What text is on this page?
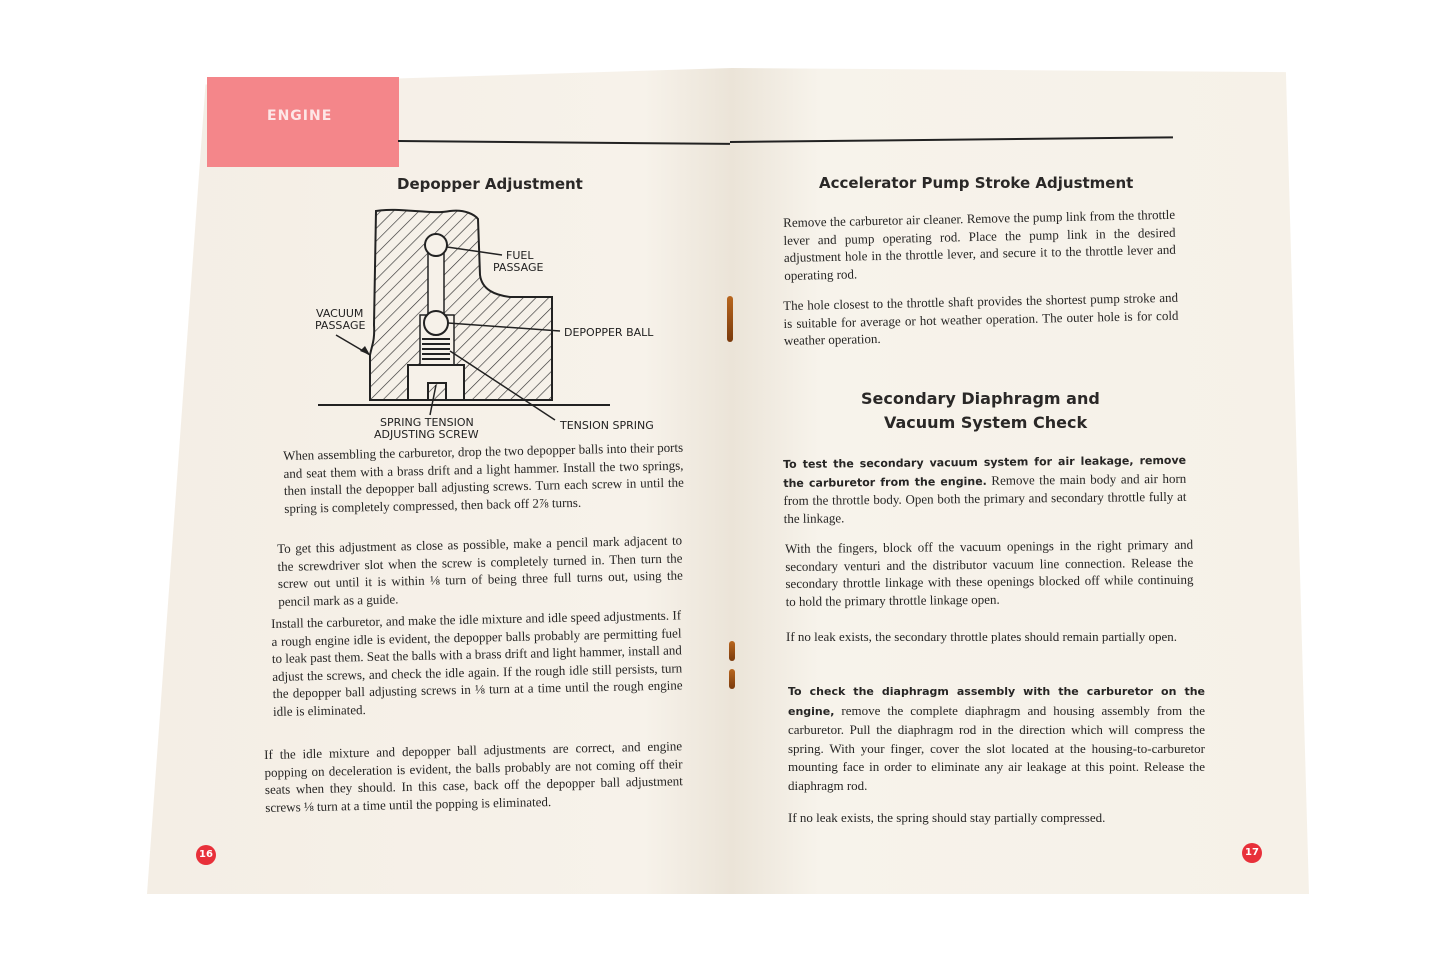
ENGINE
Depopper Adjustment
FUEL
PASSAGE
VACUUM
PASSAGE
DEPOPPER BALL
SPRING TENSION
ADJUSTING SCREW
TENSION SPRING

When assembling the carburetor, drop the two depopper balls into their ports and seat them with a brass drift and a light hammer. Install the two springs, then install the depopper ball adjusting screws. Turn each screw in until the spring is completely compressed, then back off 2⅞ turns.

To get this adjustment as close as possible, make a pencil mark adjacent to the screwdriver slot when the screw is completely turned in. Then turn the screw out until it is within ⅛ turn of being three full turns out, using the pencil mark as a guide.

Install the carburetor, and make the idle mixture and idle speed adjustments. If a rough engine idle is evident, the depopper balls probably are permitting fuel to leak past them. Seat the balls with a brass drift and light hammer, install and adjust the screws, and check the idle again. If the rough idle still persists, turn the depopper ball adjusting screws in ⅛ turn at a time until the rough engine idle is eliminated.

If the idle mixture and depopper ball adjustments are correct, and engine popping on deceleration is evident, the balls probably are not coming off their seats when they should. In this case, back off the depopper ball adjustment screws ⅛ turn at a time until the popping is eliminated.

16
Accelerator Pump Stroke Adjustment

Remove the carburetor air cleaner. Remove the pump link from the throttle lever and pump operating rod. Place the pump link in the desired adjustment hole in the throttle lever, and secure it to the throttle lever and operating rod.

The hole closest to the throttle shaft provides the shortest pump stroke and is suitable for average or hot weather operation. The outer hole is for cold weather operation.

Secondary Diaphragm and
Vacuum System Check

To test the secondary vacuum system for air leakage, remove the carburetor from the engine. Remove the main body and air horn from the throttle body. Open both the primary and secondary throttle fully at the linkage.

With the fingers, block off the vacuum openings in the right primary and secondary venturi and the distributor vacuum line connection. Release the secondary throttle linkage with these openings blocked off while continuing to hold the primary throttle linkage open.

If no leak exists, the secondary throttle plates should remain partially open.

To check the diaphragm assembly with the carburetor on the engine, remove the complete diaphragm and housing assembly from the carburetor. Pull the diaphragm rod in the direction which will compress the spring. With your finger, cover the slot located at the housing-to-carburetor mounting face in order to eliminate any air leakage at this point. Release the diaphragm rod.

If no leak exists, the spring should stay partially compressed.

17
